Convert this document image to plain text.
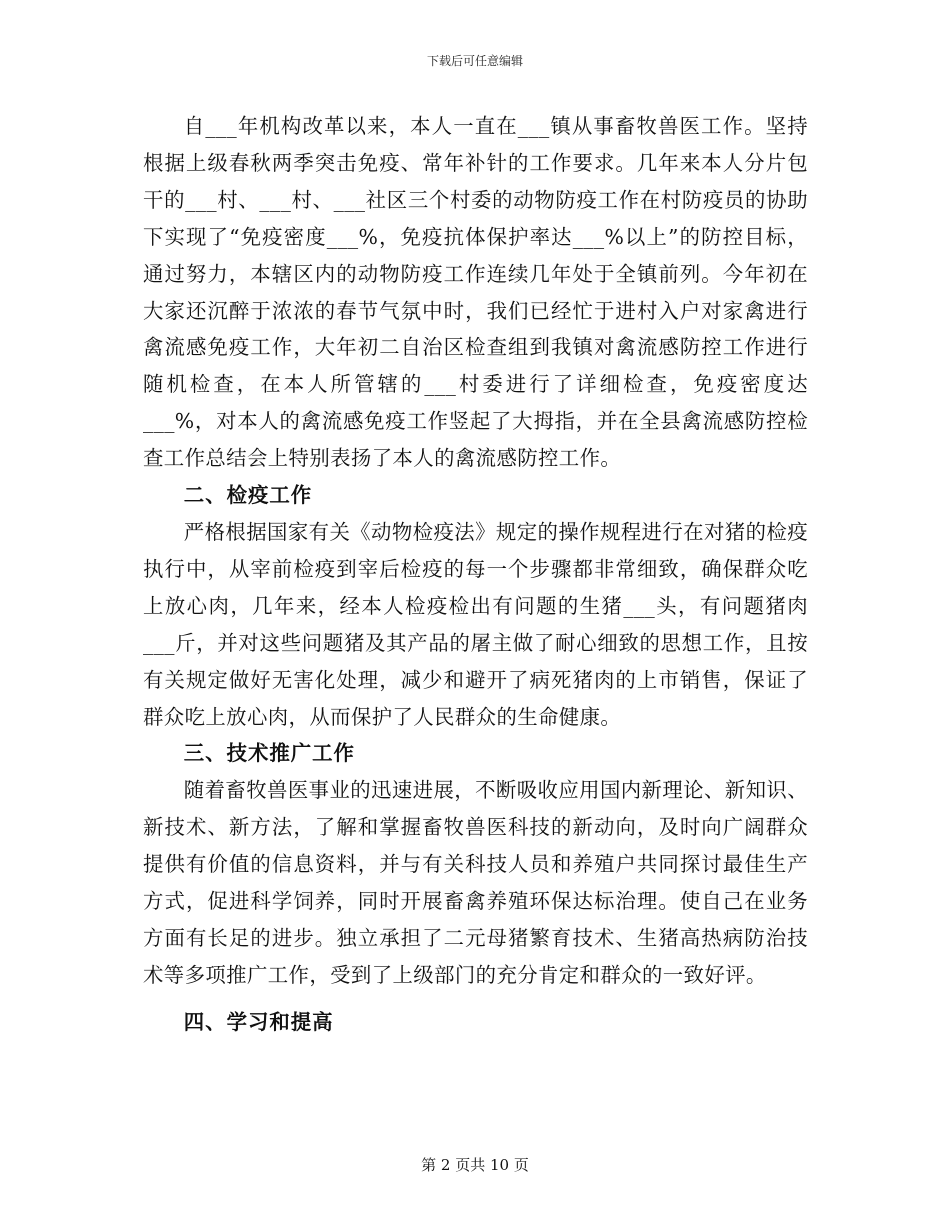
下载后可任意编辑

自___年机构改革以来，本人一直在___镇从事畜牧兽医工作。坚持根据上级春秋两季突击免疫、常年补针的工作要求。几年来本人分片包干的___村、___村、___社区三个村委的动物防疫工作在村防疫员的协助下实现了“免疫密度___%，免疫抗体保护率达___%以上”的防控目标，通过努力，本辖区内的动物防疫工作连续几年处于全镇前列。今年初在大家还沉醉于浓浓的春节气氛中时，我们已经忙于进村入户对家禽进行禽流感免疫工作，大年初二自治区检查组到我镇对禽流感防控工作进行随机检查，在本人所管辖的___村委进行了详细检查，免疫密度达___%，对本人的禽流感免疫工作竖起了大拇指，并在全县禽流感防控检查工作总结会上特别表扬了本人的禽流感防控工作。

二、检疫工作

严格根据国家有关《动物检疫法》规定的操作规程进行在对猪的检疫执行中，从宰前检疫到宰后检疫的每一个步骤都非常细致，确保群众吃上放心肉，几年来，经本人检疫检出有问题的生猪___头，有问题猪肉___斤，并对这些问题猪及其产品的屠主做了耐心细致的思想工作，且按有关规定做好无害化处理，减少和避开了病死猪肉的上市销售，保证了群众吃上放心肉，从而保护了人民群众的生命健康。

三、技术推广工作

随着畜牧兽医事业的迅速进展，不断吸收应用国内新理论、新知识、新技术、新方法，了解和掌握畜牧兽医科技的新动向，及时向广阔群众提供有价值的信息资料，并与有关科技人员和养殖户共同探讨最佳生产方式，促进科学饲养，同时开展畜禽养殖环保达标治理。使自己在业务方面有长足的进步。独立承担了二元母猪繁育技术、生猪高热病防治技术等多项推广工作，受到了上级部门的充分肯定和群众的一致好评。

四、学习和提高

第 2 页共 10 页
